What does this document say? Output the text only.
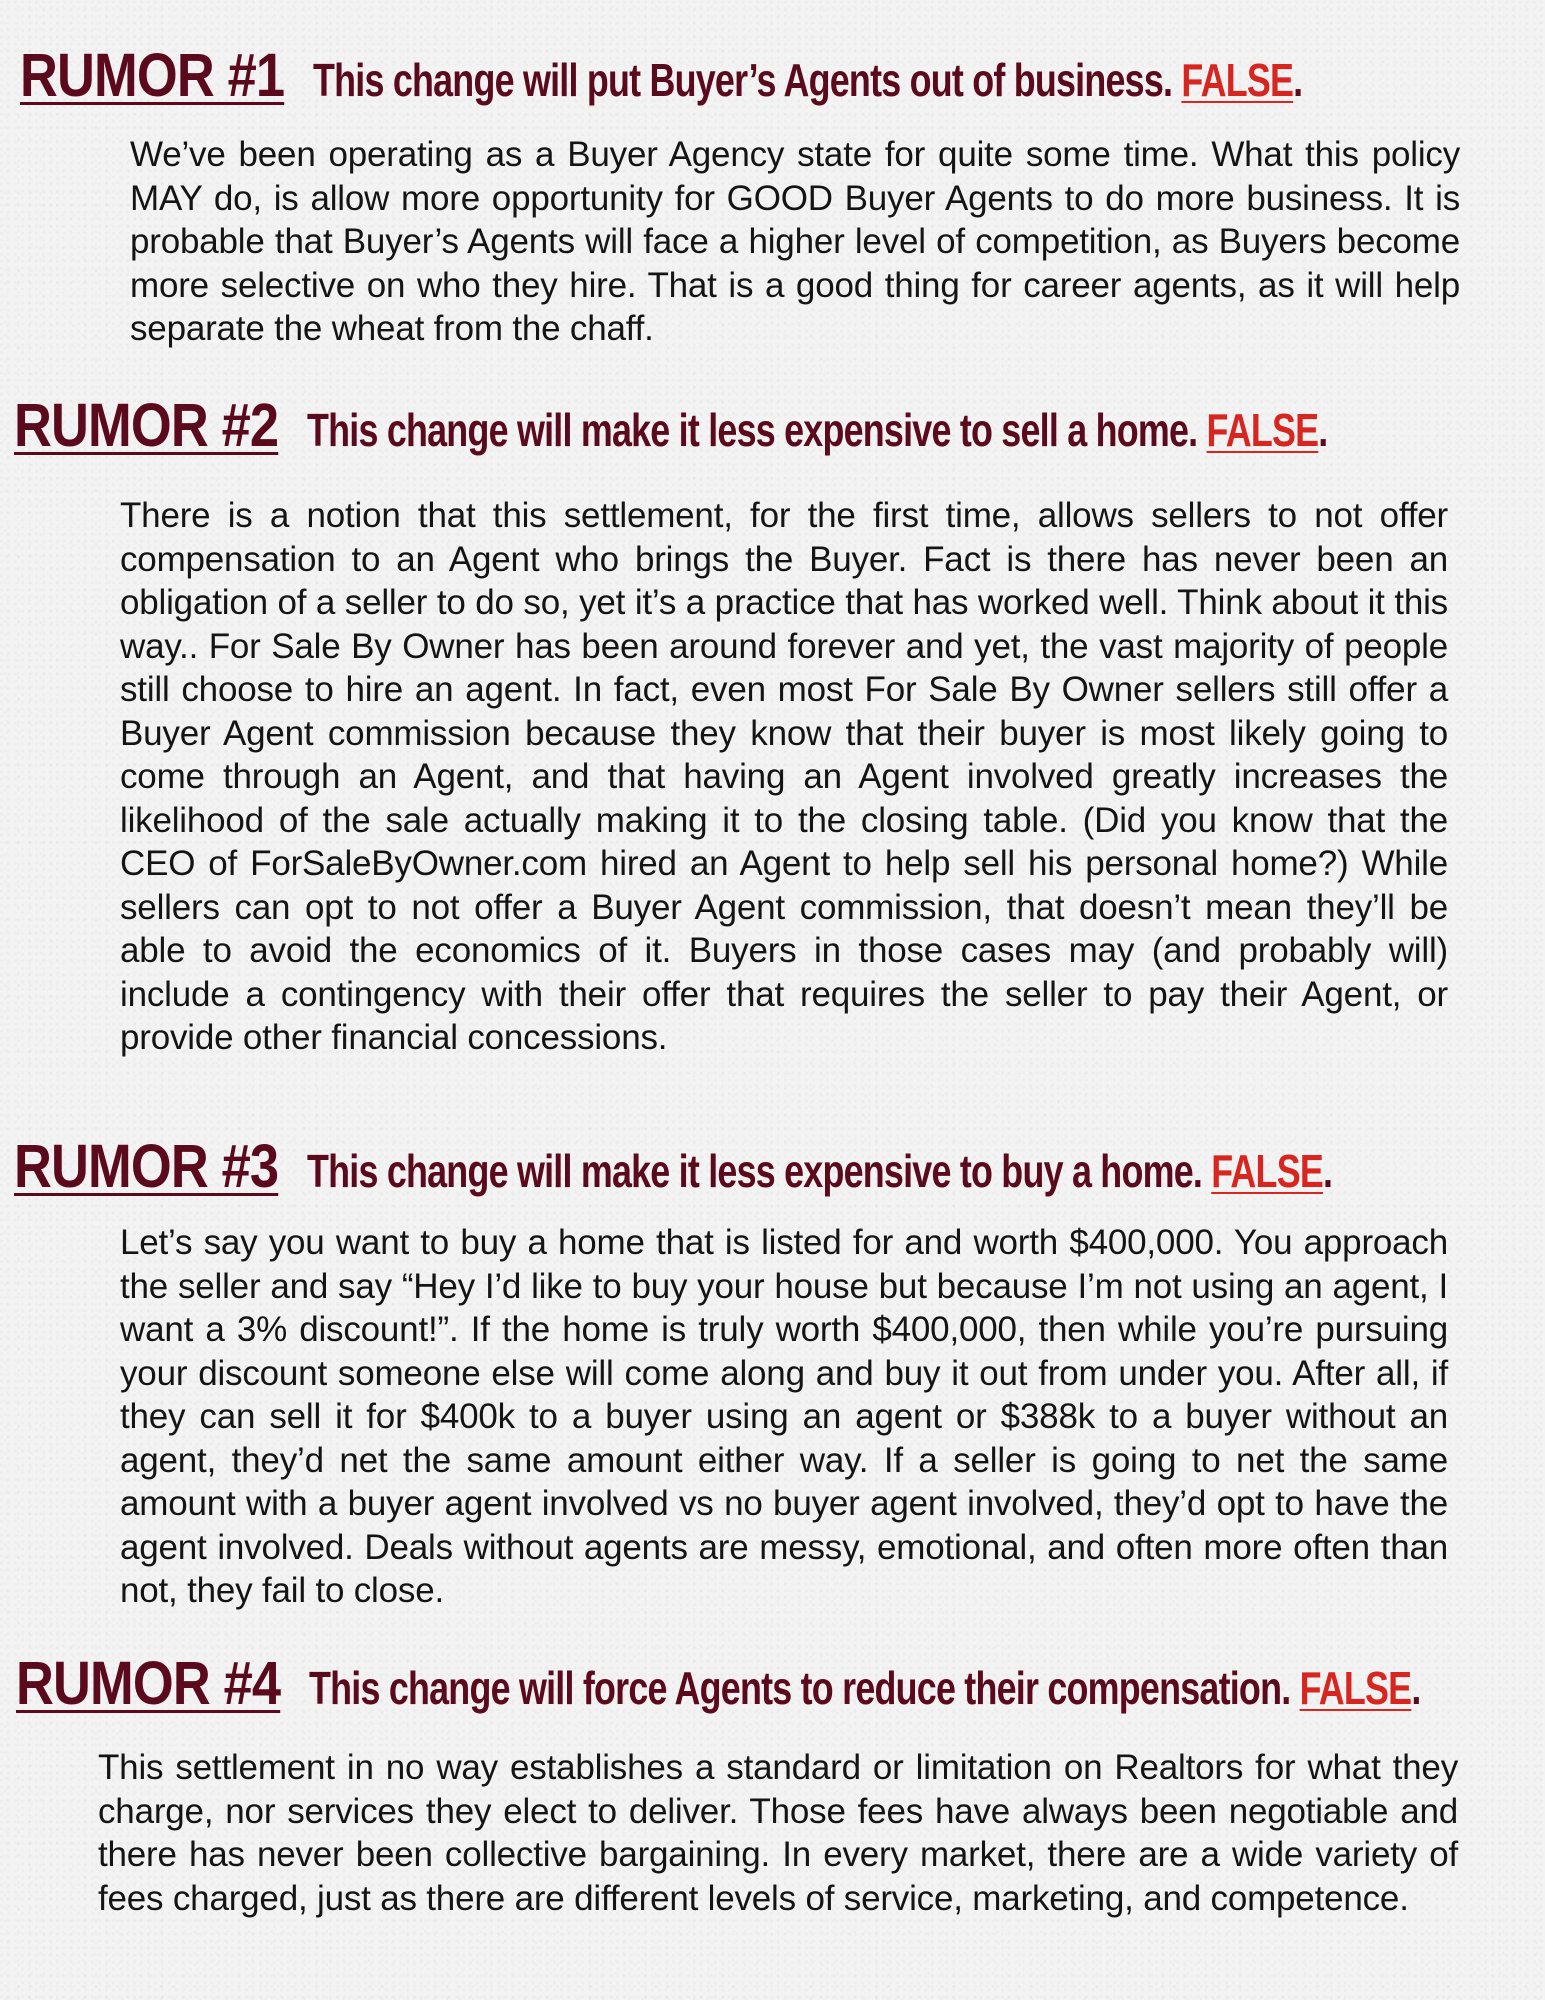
RUMOR #1 This change will put Buyer’s Agents out of business. FALSE.

We’ve been operating as a Buyer Agency state for quite some time. What this policy MAY do, is allow more opportunity for GOOD Buyer Agents to do more business. It is probable that Buyer’s Agents will face a higher level of competition, as Buyers become more selective on who they hire. That is a good thing for career agents, as it will help separate the wheat from the chaff.

RUMOR #2 This change will make it less expensive to sell a home. FALSE.

There is a notion that this settlement, for the first time, allows sellers to not offer compensation to an Agent who brings the Buyer. Fact is there has never been an obligation of a seller to do so, yet it’s a practice that has worked well. Think about it this way.. For Sale By Owner has been around forever and yet, the vast majority of people still choose to hire an agent. In fact, even most For Sale By Owner sellers still offer a Buyer Agent commission because they know that their buyer is most likely going to come through an Agent, and that having an Agent involved greatly increases the likelihood of the sale actually making it to the closing table. (Did you know that the CEO of ForSaleByOwner.com hired an Agent to help sell his personal home?) While sellers can opt to not offer a Buyer Agent commission, that doesn’t mean they’ll be able to avoid the economics of it. Buyers in those cases may (and probably will) include a contingency with their offer that requires the seller to pay their Agent, or provide other financial concessions.

RUMOR #3 This change will make it less expensive to buy a home. FALSE.

Let’s say you want to buy a home that is listed for and worth $400,000. You approach the seller and say “Hey I’d like to buy your house but because I’m not using an agent, I want a 3% discount!”. If the home is truly worth $400,000, then while you’re pursuing your discount someone else will come along and buy it out from under you. After all, if they can sell it for $400k to a buyer using an agent or $388k to a buyer without an agent, they’d net the same amount either way. If a seller is going to net the same amount with a buyer agent involved vs no buyer agent involved, they’d opt to have the agent involved. Deals without agents are messy, emotional, and often more often than not, they fail to close.

RUMOR #4 This change will force Agents to reduce their compensation. FALSE.

This settlement in no way establishes a standard or limitation on Realtors for what they charge, nor services they elect to deliver. Those fees have always been negotiable and there has never been collective bargaining. In every market, there are a wide variety of fees charged, just as there are different levels of service, marketing, and competence.
